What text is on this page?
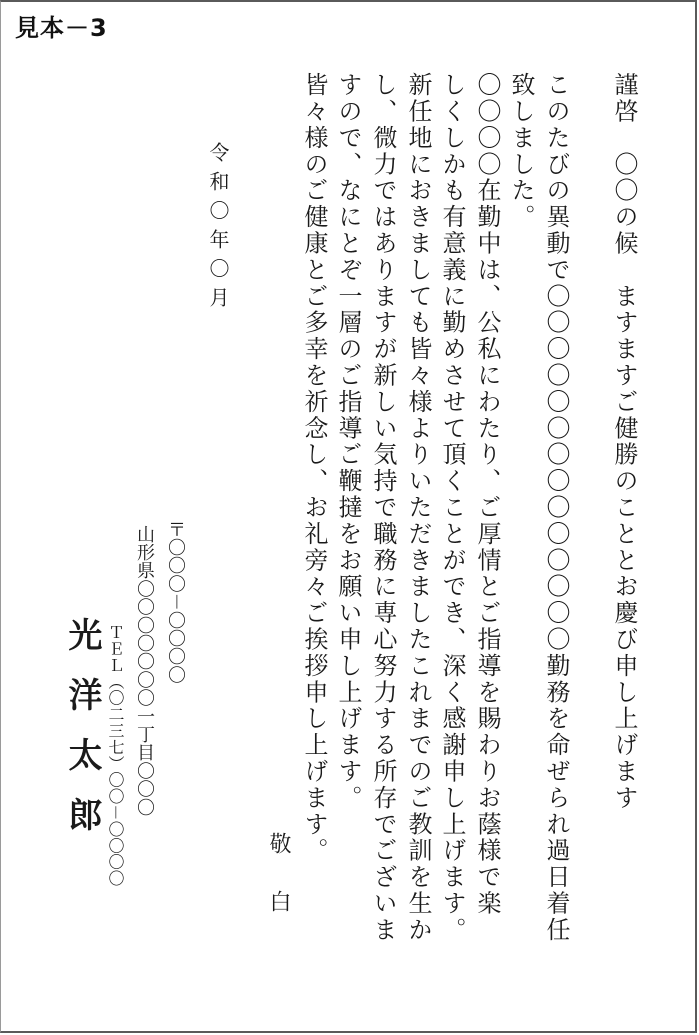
見本－3
謹啓　〇〇の候　ますますご健勝のこととお慶び申し上げます
このたびの異動で〇〇〇〇〇〇〇〇〇〇〇〇〇〇勤務を命ぜられ過日着任
致しました。
〇〇〇〇在勤中は、公私にわたり、ご厚情とご指導を賜わりお蔭様で楽
しくしかも有意義に勤めさせて頂くことができ、深く感謝申し上げます。
新任地におきましても皆々様よりいただきましたこれまでのご教訓を生か
し、微力ではありますが新しい気持で職務に専心努力する所存でございま
すので、なにとぞ一層のご指導ご鞭撻をお願い申し上げます。
皆々様のご健康とご多幸を祈念し、お礼旁々ご挨拶申し上げます。
敬白
令和〇年〇月
〒〇〇〇－〇〇〇〇
山形県〇〇〇〇〇〇〇一丁目〇〇〇
ＴＥＬ（〇二三七）〇〇－〇〇〇〇
光洋太郎
